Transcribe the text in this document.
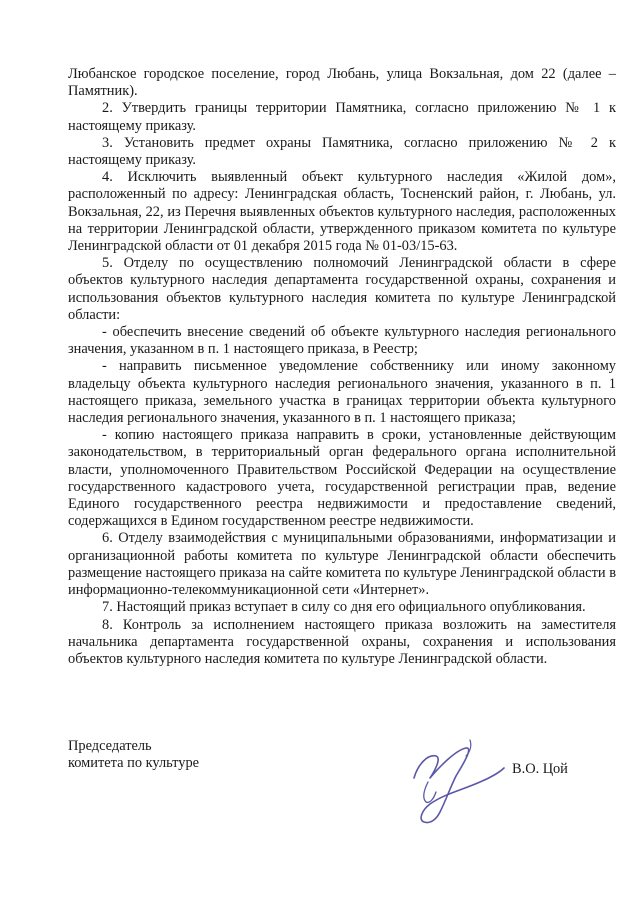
Любанское городское поселение, город Любань, улица Вокзальная, дом 22 (далее – Памятник).

2. Утвердить границы территории Памятника, согласно приложению № 1 к настоящему приказу.

3. Установить предмет охраны Памятника, согласно приложению № 2 к настоящему приказу.

4. Исключить выявленный объект культурного наследия «Жилой дом», расположенный по адресу: Ленинградская область, Тосненский район, г. Любань, ул. Вокзальная, 22, из Перечня выявленных объектов культурного наследия, расположенных на территории Ленинградской области, утвержденного приказом комитета по культуре Ленинградской области от 01 декабря 2015 года № 01-03/15-63.

5. Отделу по осуществлению полномочий Ленинградской области в сфере объектов культурного наследия департамента государственной охраны, сохранения и использования объектов культурного наследия комитета по культуре Ленинградской области:

- обеспечить внесение сведений об объекте культурного наследия регионального значения, указанном в п. 1 настоящего приказа, в Реестр;

- направить письменное уведомление собственнику или иному законному владельцу объекта культурного наследия регионального значения, указанного в п. 1 настоящего приказа, земельного участка в границах территории объекта культурного наследия регионального значения, указанного в п. 1 настоящего приказа;

- копию настоящего приказа направить в сроки, установленные действующим законодательством, в территориальный орган федерального органа исполнительной власти, уполномоченного Правительством Российской Федерации на осуществление государственного кадастрового учета, государственной регистрации прав, ведение Единого государственного реестра недвижимости и предоставление сведений, содержащихся в Едином государственном реестре недвижимости.

6. Отделу взаимодействия с муниципальными образованиями, информатизации и организационной работы комитета по культуре Ленинградской области обеспечить размещение настоящего приказа на сайте комитета по культуре Ленинградской области в информационно-телекоммуникационной сети «Интернет».

7. Настоящий приказ вступает в силу со дня его официального опубликования.

8. Контроль за исполнением настоящего приказа возложить на заместителя начальника департамента государственной охраны, сохранения и использования объектов культурного наследия комитета по культуре Ленинградской области.

Председатель

комитета по культуре	В.О. Цой
